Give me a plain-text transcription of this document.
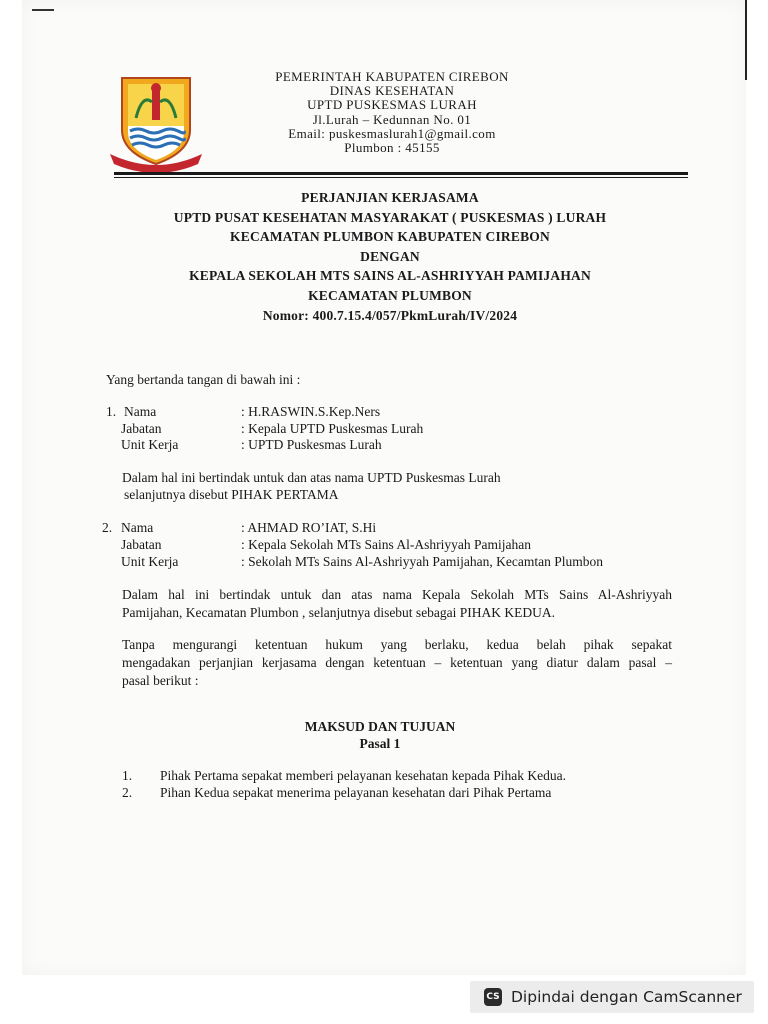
PEMERINTAH KABUPATEN CIREBON
DINAS KESEHATAN
UPTD PUSKESMAS LURAH
Jl.Lurah – Kedunnan No. 01
Email: puskesmaslurah1@gmail.com
Plumbon : 45155
PERJANJIAN KERJASAMA
UPTD PUSAT KESEHATAN MASYARAKAT ( PUSKESMAS ) LURAH
KECAMATAN PLUMBON KABUPATEN CIREBON
DENGAN
KEPALA SEKOLAH MTS SAINS AL-ASHRIYYAH PAMIJAHAN
KECAMATAN PLUMBON
Nomor: 400.7.15.4/057/PkmLurah/IV/2024
Yang bertanda tangan di bawah ini :
1. Nama	: H.RASWIN.S.Kep.Ners
Jabatan	: Kepala UPTD Puskesmas Lurah
Unit Kerja	: UPTD Puskesmas Lurah
Dalam hal ini bertindak untuk dan atas nama UPTD Puskesmas Lurah
selanjutnya disebut PIHAK PERTAMA
2. Nama	: AHMAD RO’IAT, S.Hi
Jabatan	: Kepala Sekolah MTs Sains Al-Ashriyyah Pamijahan
Unit Kerja	: Sekolah MTs Sains Al-Ashriyyah Pamijahan, Kecamtan Plumbon
Dalam hal ini bertindak untuk dan atas nama Kepala Sekolah MTs Sains Al-Ashriyyah
Pamijahan, Kecamatan Plumbon , selanjutnya disebut sebagai PIHAK KEDUA.
Tanpa mengurangi ketentuan hukum yang berlaku, kedua belah pihak sepakat
mengadakan perjanjian kerjasama dengan ketentuan – ketentuan yang diatur dalam pasal –
pasal berikut :
MAKSUD DAN TUJUAN
Pasal 1
1. Pihak Pertama sepakat memberi pelayanan kesehatan kepada Pihak Kedua.
2. Pihan Kedua sepakat menerima pelayanan kesehatan dari Pihak Pertama
CS Dipindai dengan CamScanner
